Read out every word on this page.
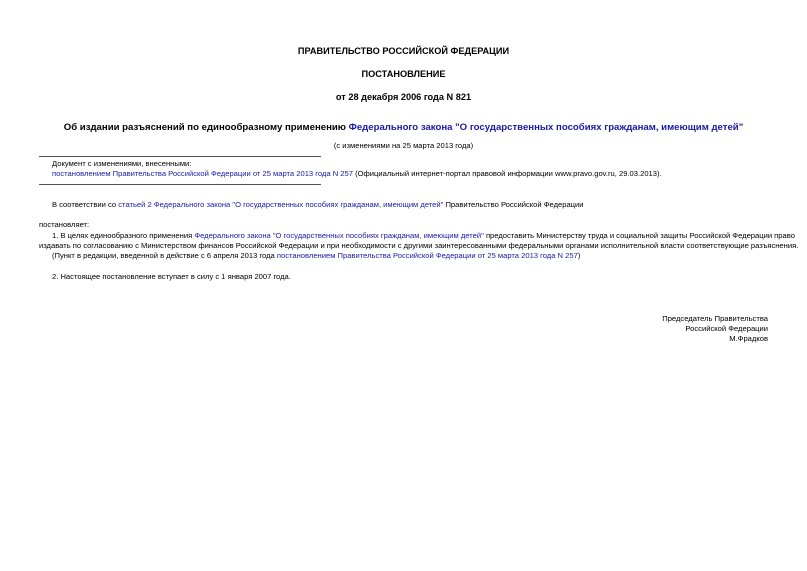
ПРАВИТЕЛЬСТВО РОССИЙСКОЙ ФЕДЕРАЦИИ
ПОСТАНОВЛЕНИЕ
от 28 декабря 2006 года N 821
Об издании разъяснений по единообразному применению Федерального закона "О государственных пособиях гражданам, имеющим детей"
(с изменениями на 25 марта 2013 года)
Документ с изменениями, внесенными:
постановлением Правительства Российской Федерации от 25 марта 2013 года N 257 (Официальный интернет-портал правовой информации www.pravo.gov.ru, 29.03.2013).
В соответствии со статьей 2 Федерального закона "О государственных пособиях гражданам, имеющим детей" Правительство Российской Федерации
постановляет:
1. В целях единообразного применения Федерального закона "О государственных пособиях гражданам, имеющим детей" предоставить Министерству труда и социальной защиты Российской Федерации право
издавать по согласованию с Министерством финансов Российской Федерации и при необходимости с другими заинтересованными федеральными органами исполнительной власти соответствующие разъяснения.
(Пункт в редакции, введенной в действие с 6 апреля 2013 года постановлением Правительства Российской Федерации от 25 марта 2013 года N 257)
2. Настоящее постановление вступает в силу с 1 января 2007 года.
Председатель Правительства
Российской Федерации
М.Фрадков
